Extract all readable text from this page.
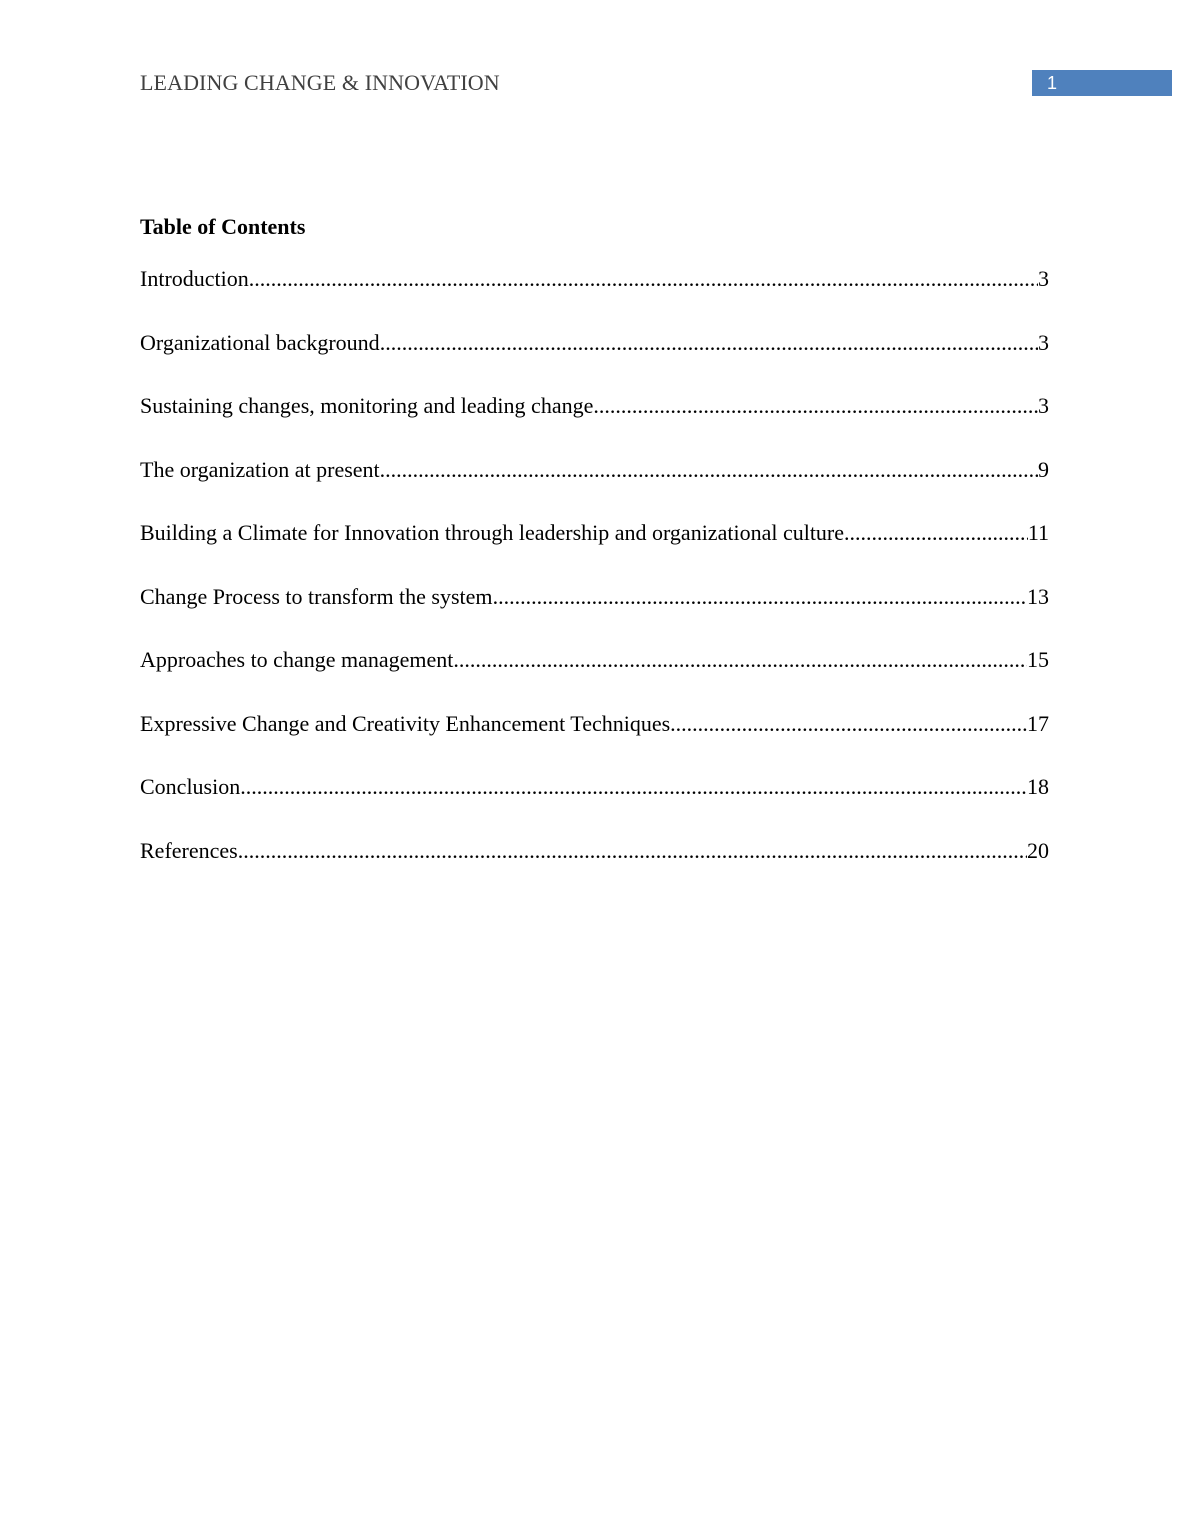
LEADING CHANGE & INNOVATION	1
Table of Contents
Introduction .....	3
Organizational background .....	3
Sustaining changes, monitoring and leading change .....	3
The organization at present .....	9
Building a Climate for Innovation through leadership and organizational culture .....	11
Change Process to transform the system .....	13
Approaches to change management .....	15
Expressive Change and Creativity Enhancement Techniques .....	17
Conclusion .....	18
References .....	20
